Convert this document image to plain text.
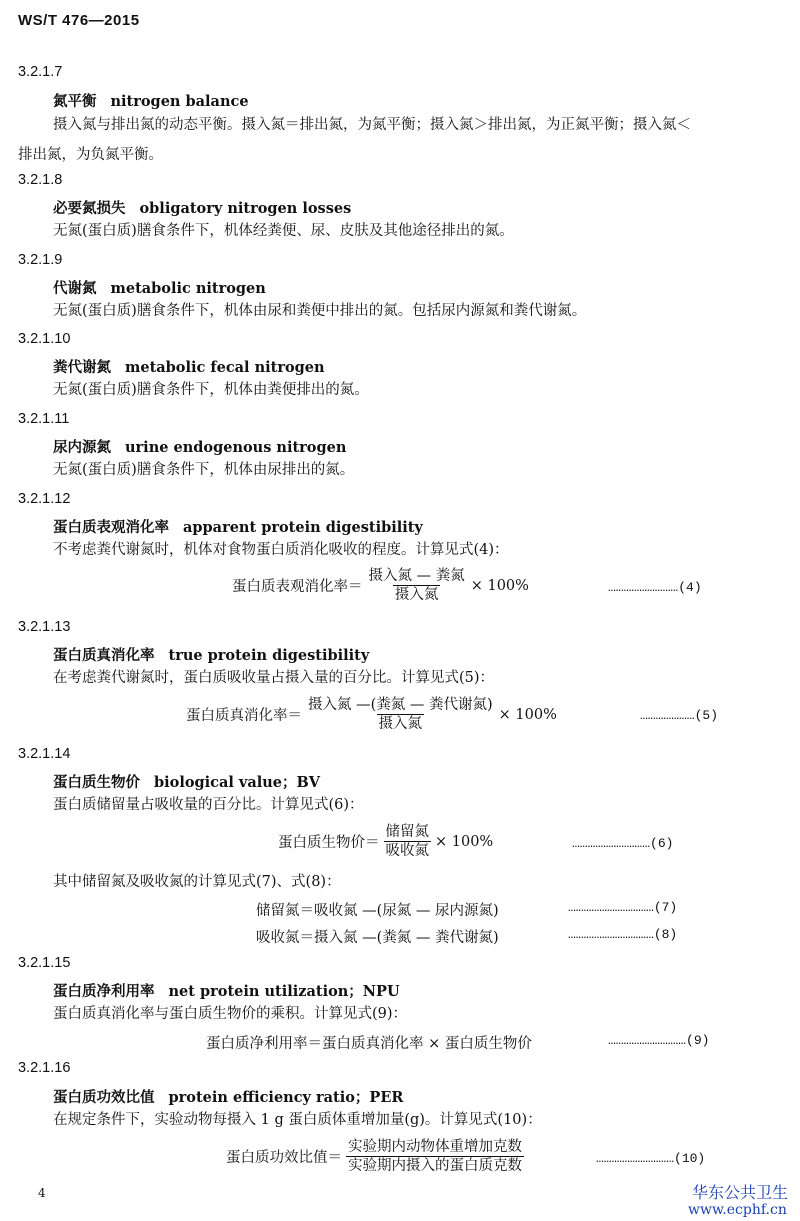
WS/T 476—2015
3.2.1.7
氮平衡 nitrogen balance
摄入氮与排出氮的动态平衡。摄入氮＝排出氮，为氮平衡；摄入氮＞排出氮，为正氮平衡；摄入氮＜
排出氮，为负氮平衡。
3.2.1.8
必要氮损失 obligatory nitrogen losses
无氮(蛋白质)膳食条件下，机体经粪便、尿、皮肤及其他途径排出的氮。
3.2.1.9
代谢氮 metabolic nitrogen
无氮(蛋白质)膳食条件下，机体由尿和粪便中排出的氮。包括尿内源氮和粪代谢氮。
3.2.1.10
粪代谢氮 metabolic fecal nitrogen
无氮(蛋白质)膳食条件下，机体由粪便排出的氮。
3.2.1.11
尿内源氮 urine endogenous nitrogen
无氮(蛋白质)膳食条件下，机体由尿排出的氮。
3.2.1.12
蛋白质表观消化率 apparent protein digestibility
不考虑粪代谢氮时，机体对食物蛋白质消化吸收的程度。计算见式(4)：
蛋白质表观消化率＝ $\frac{\text{摄入氮 — 粪氮}}{\text{摄入氮}} \times 100\%$	………………………(4)
3.2.1.13
蛋白质真消化率 true protein digestibility
在考虑粪代谢氮时，蛋白质吸收量占摄入量的百分比。计算见式(5)：
蛋白质真消化率＝ $\frac{\text{摄入氮 —(粪氮 — 粪代谢氮)}}{\text{摄入氮}} \times 100\%$	…………………(5)
3.2.1.14
蛋白质生物价 biological value；BV
蛋白质储留量占吸收量的百分比。计算见式(6)：
蛋白质生物价＝ $\frac{\text{储留氮}}{\text{吸收氮}} \times 100\%$	…………………………(6)
其中储留氮及吸收氮的计算见式(7)、式(8)：
储留氮＝吸收氮 —(尿氮 — 尿内源氮)	……………………………(7)
吸收氮＝摄入氮 —(粪氮 — 粪代谢氮)	……………………………(8)
3.2.1.15
蛋白质净利用率 net protein utilization；NPU
蛋白质真消化率与蛋白质生物价的乘积。计算见式(9)：
蛋白质净利用率＝蛋白质真消化率 × 蛋白质生物价	…………………………(9)
3.2.1.16
蛋白质功效比值 protein efficiency ratio；PER
在规定条件下，实验动物每摄入 1 g 蛋白质体重增加量(g)。计算见式(10)：
蛋白质功效比值＝ $\frac{\text{实验期内动物体重增加克数}}{\text{实验期内摄入的蛋白质克数}}$	…………………………(10)
4	华东公共卫生
www.ecphf.cn
